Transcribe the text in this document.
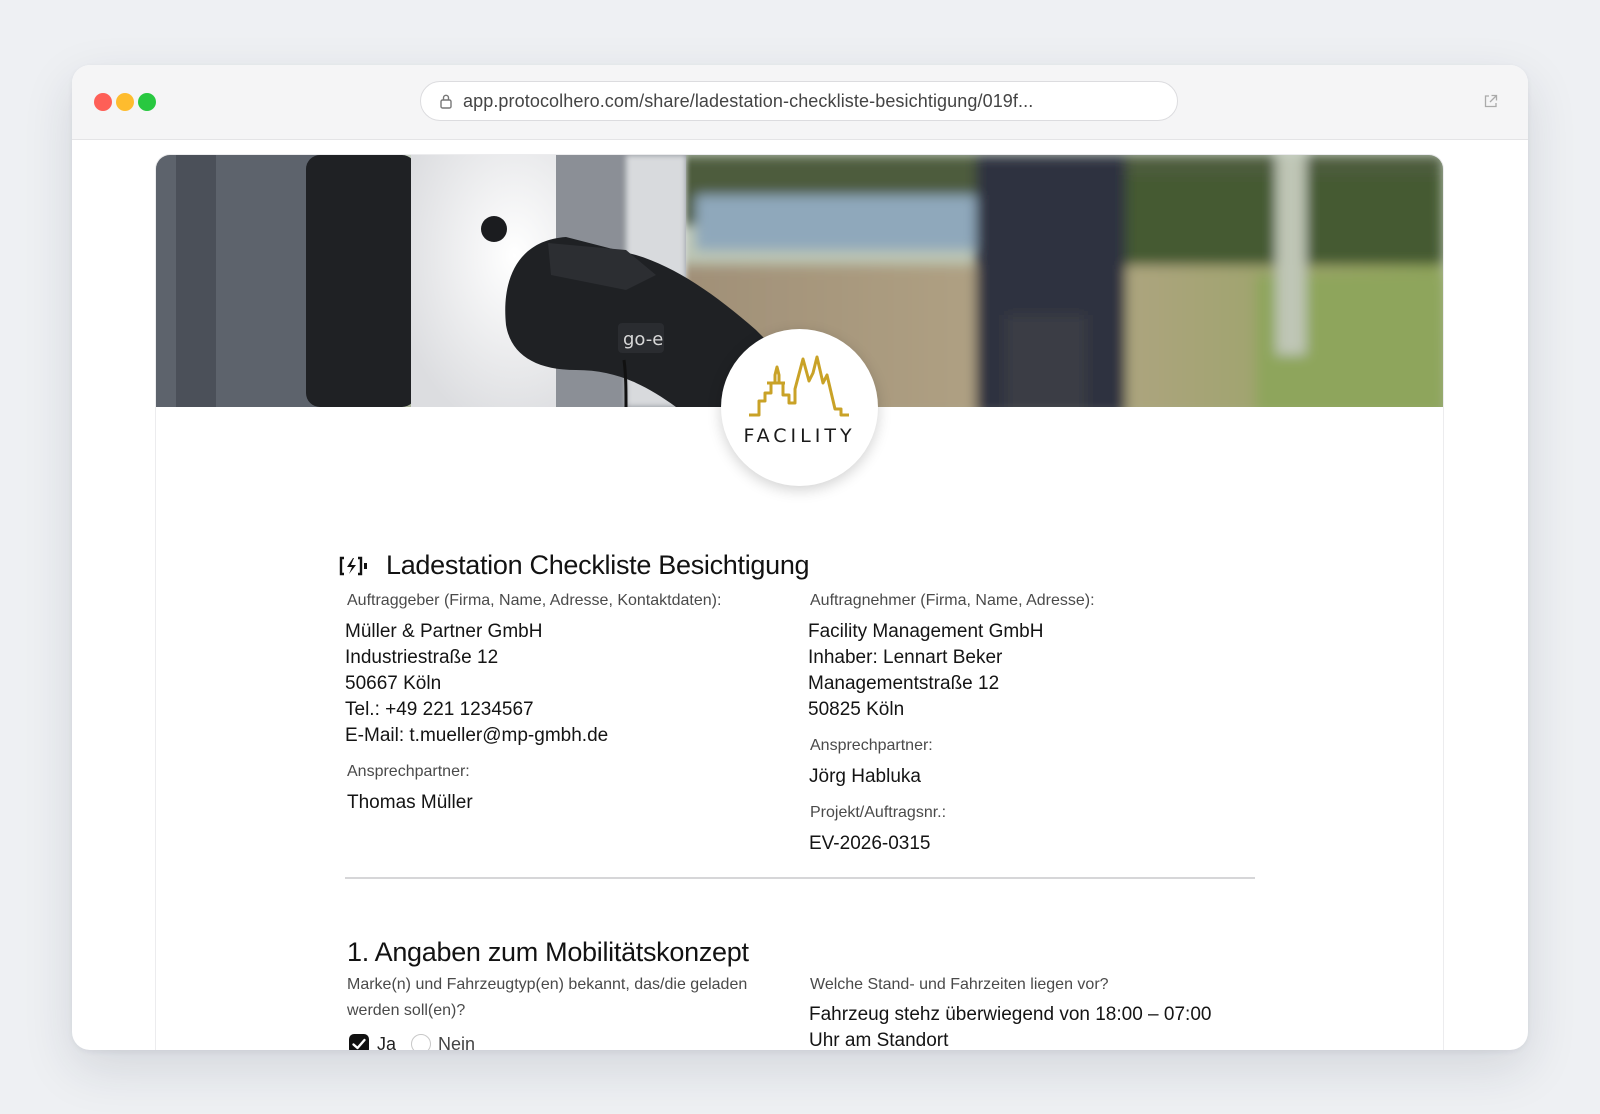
app.protocolhero.com/share/ladestation-checkliste-besichtigung/019f...
go-e
FACILITY
Ladestation Checkliste Besichtigung
Auftraggeber (Firma, Name, Adresse, Kontaktdaten):
Müller & Partner GmbH
Industriestraße 12
50667 Köln
Tel.: +49 221 1234567
E-Mail: t.mueller@mp-gmbh.de
Ansprechpartner:
Thomas Müller
Auftragnehmer (Firma, Name, Adresse):
Facility Management GmbH
Inhaber: Lennart Beker
Managementstraße 12
50825 Köln
Ansprechpartner:
Jörg Habluka
Projekt/Auftragsnr.:
EV-2026-0315
1. Angaben zum Mobilitätskonzept
Marke(n) und Fahrzeugtyp(en) bekannt, das/die geladen
werden soll(en)?
Ja Nein
Welche Stand- und Fahrzeiten liegen vor?
Fahrzeug stehz überwiegend von 18:00 – 07:00
Uhr am Standort
